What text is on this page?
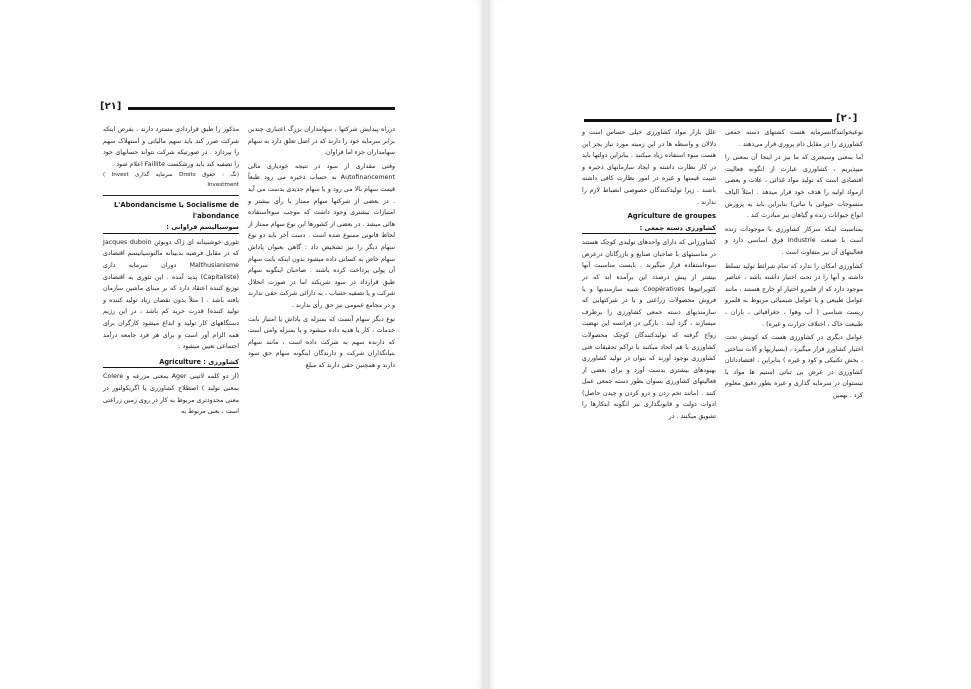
[۲۱]

درراه پیدایش شرکتها ، سهامداران بزرگ اعتباری چندین برابر سرمایه خود را دارند که در اصل تعلق دارد به سهام سهامداران جزء اما فراوان.

وقتی مقداری از سود در نتیجه خودیاری مالی Autofinancement به حساب ذخیره می رود طبعاً قیمت سهام بالا می رود و یا سهام جدیدی بدست می آید . در بعضی از شرکتها سهام ممتاز با رأی بیشتر و امتیازات بیشتری وجود داشت که موجب سوءاستفاده هائی میشد . در بعضی از کشورها این نوع سهام ممتاز از لحاظ قانونی ممنوع شده است . دست آخر باید دو نوع سهام دیگر را نیز تشخیص داد : گاهی بعنوان پاداش سهام خاص به کسانی داده میشود بدون اینکه بابت سهام آن پولی پرداخت کرده باشند . صاحبان اینگونه سهام طبق قرارداد در سود شریکند اما در صورت انحلال شرکت و یا تصفیه حساب ، به دارائی شرکت حقی ندارند و در مجامع عمومی نیز حق رأی ندارند .

نوع دیگر سهام آنست که بمنزله ی پاداش یا امتیاز بابت خدمات ، کار یا هدیه داده میشود و یا بمنزله وامی است که دارنده سهم به شرکت داده است ، مانند سهام بنیانگذاران شرکت و دارندگان اینگونه سهام حق سود دارند و همچنین حقی دارند که مبلغ

مذکور را طبق قراردادی مسترد دارند ، بفرض اینکه شرکت ضرر کند باید سهم مالیاتی و استهلاک سهم را بپردازد . در صورتیکه شرکت نتواند حسابهای خود را تصفیه کند باید ورشکست Faillite اعلام شود .

(نگ : حقوق Droits سرمایه گذاری Invest ) Investment

L'Abondancisme یا Socialisme de l'abondance
سوسیالیسم فراوانی :

تئوری خوشبینانه ای ژاک دوبوئن Jacques duboin که در مقابل فرضیه بدبینانه مالتوسیانیسم اقتصادی Malthusianisme دوران سرمایه داری (Capitaliste) پدید آمده . این تئوری به اقتصادی توزیع کننده اعتقاد دارد که بر مبنای ماشین سازمان یافته باشد . ( مثلاً بدون نقصان زیاد تولید کننده و تولید کننده) قدرت خرید کم باشد ، در این رژیم دستگاههای کار تولید و ابداع میشود کارگران برای همه الزام آور است و برای هر فرد جامعه درآمد اجتماعی تعیین میشود .

کشاورزی : Agriculture

(از دو کلمه لاتینی Ager بمعنی مزرعه و Colere بمعنی تولید ) اصطلاح کشاورزی یا اگریکولتور در معنی محدودتری مربوط به کار در روی زمین زراعتی است ، بعنی مربوط به

[۲۰]

نوعیخوانندگانسرمایه هست کشتهای دسته جمعی کشاورزی را در مقابل دام پروری قرار می‌دهند .

اما بمعنی وسیعتری که ما نیز در اینجا آن بمعنی را میپذیریم ، کشاورزی عبارت از انگونه فعالیت اقتصادی است که تولید مواد غذائی ، علات و بعضی ازمواد اولیه را هدف خود قرار میدهد . (مثلاً الیاف منسوجات حیوانی یا نباتی) بنابراین باید به پرورش انواع حیوانات زنده و گیاهان نیز مبادرت کند .

بمناسبت اینکه سرکار کشاورزی با موجودات زنده است با صنعت Industrie فرق اساسی دارد و فعالیتهای آن نیز متفاوت است .

کشاورزی امکان را ندارد که تمام شرائط تولید تسلط داشته و آنها را در تحت اختیار داشته باشد ، عناصر موجود دارد که از قلمرو اختیار او خارج هستند ، مانند عوامل طبیعی و یا عوامل شیمیائی مربوط به قلمرو زیست شناسی ( آب وهوا ، جغرافیائی ، باران ، طبیعت خاک ، اختلاف حرارت و غیره) .

عوامل دیگری در کشاورزی هست که کوینش تحت اختیار کشاورز قرار میگیرد ، (بسیاریها و آلات ساختی ، بخش تکنیکی و کود و غیره ) بنابراین ، اقتصاددانان کشاورزی در عرض بی ثباتی استیم ها مواد با نیستوان در سرمایه گذاری و غیره بطور دقیق معلوم کرد . بهمین

علل بازار مواد کشاورزی خیلی حساس است و دلالان و واسطه ها در این زمینه مورد نیاز بجز این هست سوء استفاده زیاد میکنند . بنابراین دولتها باید در کار نظارت داشته و ایجاد سازمانهای ذخیره و تثبیت قیمتها و غیره در امور نظارت کافی داشته باشند . زیرا تولیدکنندگان خصوصی انضباط لازم را ندارند .

Agriculture de groupes
کشاورزی دسته جمعی :

کشاورزانی که دارای واحدهای تولیدی کوچک هستند در مناسبتهای با صاحبان صنایع و بازرگانان درعرض سوءاستفاده قرار میگیرند . بایست مناسبت آنها بیشتر از پیش درصدد این برآمده اند که در کئوپراتیوها Coopératives شبیه سازمندیها و یا فروش محصولات زراعتی و یا در شرکتهایی که سازمندیهای دسته جمعی کشاورزی را برطرف میسازند ، گرد آیند . بارگی در فرانسه این نهضت رواج گرفته که تولیدکنندگان کوچک محصولات کشاورزی با هم اتحاد میکنند با تراکم تحقیقات فنی کشاورزی بوجود آورند که بتوان در تولید کشاورزی بهبودهای بیشتری بدست آورد و برای بعضی از فعالیتهای کشاورزی بسوان بطور دسته جمعی عمل کنند . (مانند تخم زدن و درو کردن و چیدن حاصل) ادوات دولت و قانونگذاری نیز انگونه ابتکارها را تشویق میکنند . در
